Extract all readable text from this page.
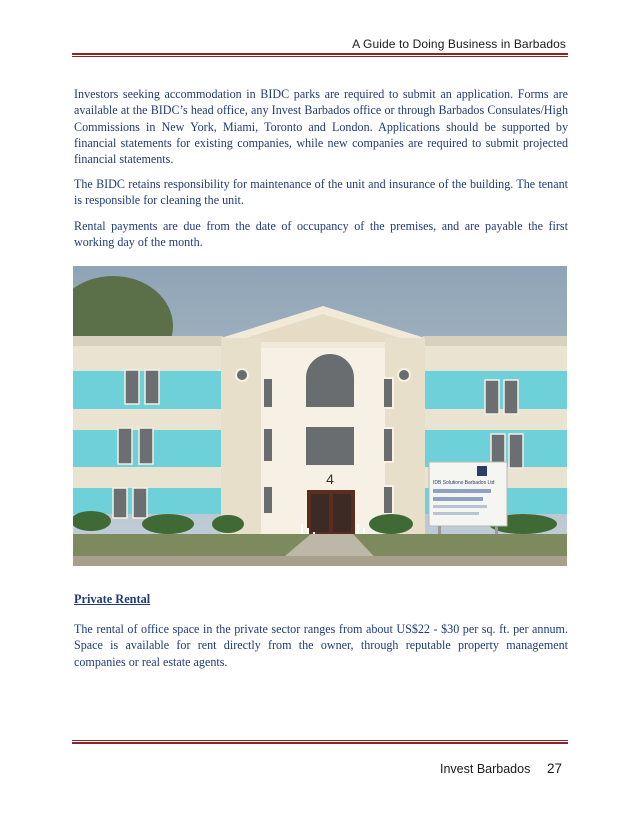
A Guide to Doing Business in Barbados

Investors seeking accommodation in BIDC parks are required to submit an application. Forms are available at the BIDC’s head office, any Invest Barbados office or through Barbados Consulates/High Commissions in New York, Miami, Toronto and London. Applications should be supported by financial statements for existing companies, while new companies are required to submit projected financial statements.

The BIDC retains responsibility for maintenance of the unit and insurance of the building. The tenant is responsible for cleaning the unit.

Rental payments are due from the date of occupancy of the premises, and are payable the first working day of the month.

4	IDB Solutions Barbados Ltd
Private Rental

The rental of office space in the private sector ranges from about US$22 - $30 per sq. ft. per annum. Space is available for rent directly from the owner, through reputable property management companies or real estate agents.

Invest Barbados 27
